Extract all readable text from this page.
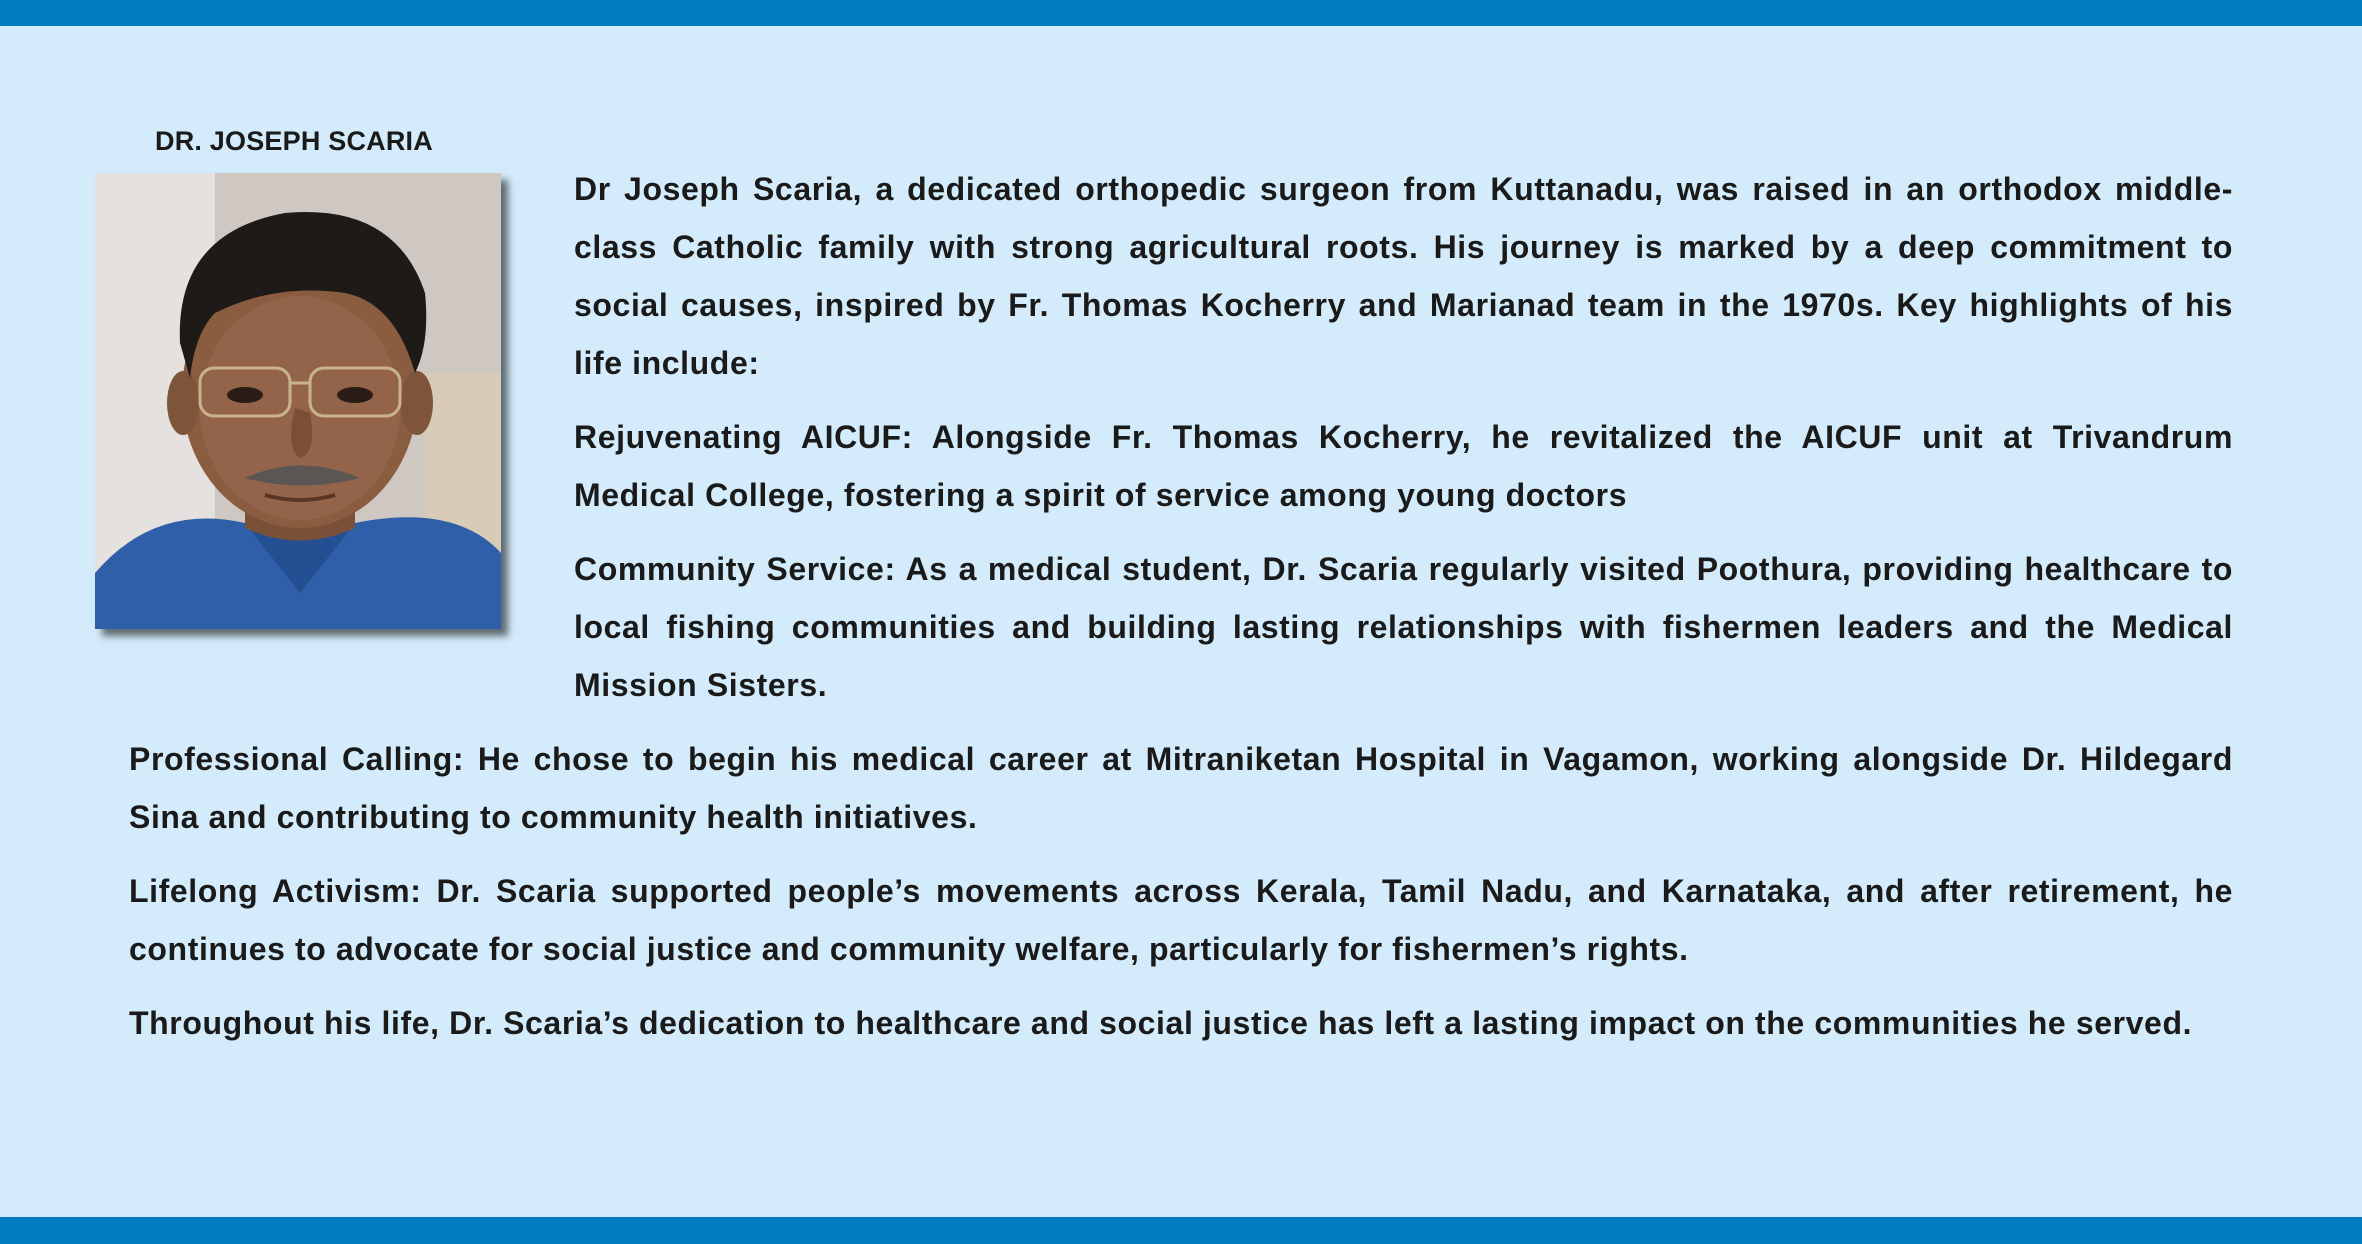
DR. JOSEPH SCARIA

Dr Joseph Scaria, a dedicated orthopedic surgeon from Kuttanadu, was raised in an orthodox middle-class Catholic family with strong agricultural roots. His journey is marked by a deep commitment to social causes, inspired by Fr. Thomas Kocherry and Marianad team in the 1970s. Key highlights of his life include:

Rejuvenating AICUF: Alongside Fr. Thomas Kocherry, he revitalized the AICUF unit at Trivandrum Medical College, fostering a spirit of service among young doctors

Community Service: As a medical student, Dr. Scaria regularly visited Poothura, providing healthcare to local fishing communities and building lasting relationships with fishermen leaders and the Medical Mission Sisters.

Professional Calling: He chose to begin his medical career at Mitraniketan Hospital in Vagamon, working alongside Dr. Hildegard Sina and contributing to community health initiatives.

Lifelong Activism: Dr. Scaria supported people’s movements across Kerala, Tamil Nadu, and Karnataka, and after retirement, he continues to advocate for social justice and community welfare, particularly for fishermen’s rights.

Throughout his life, Dr. Scaria’s dedication to healthcare and social justice has left a lasting impact on the communities he served.
